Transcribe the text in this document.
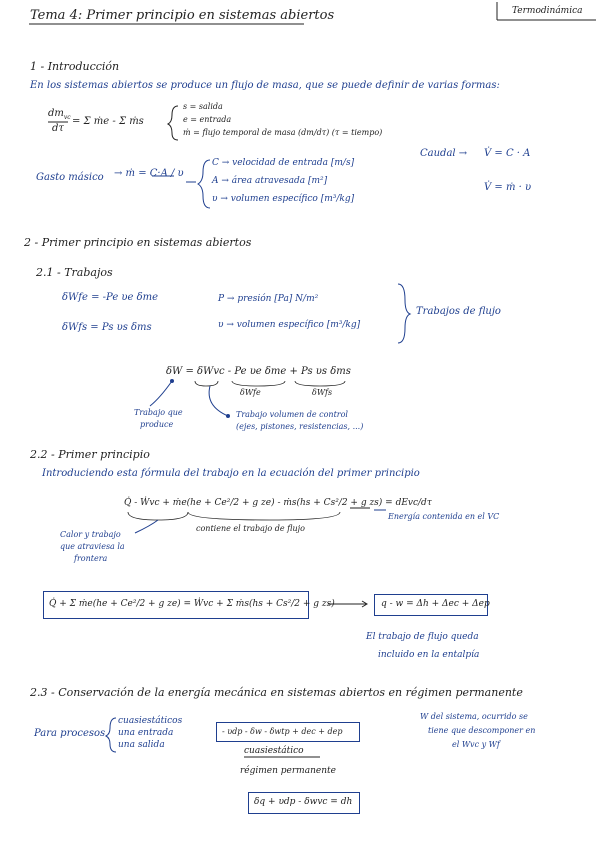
Tema 4: Primer principio en sistemas abiertos	Termodinámica
1 - Introducción
En los sistemas abiertos se produce un flujo de masa, que se puede definir de varias formas:
$dm_{vc}$
dτ
= Σ ṁe - Σ ṁs
s = salida
e = entrada
ṁ = flujo temporal de masa (dm/dτ) (τ = tiempo)
Gasto másico → ṁ = C·A / υ
C → velocidad de entrada [m/s]
A → área atravesada [m²]
υ → volumen específico [m³/kg]
Caudal → V̇ = C · A
V̇ = ṁ · υ
2 - Primer principio en sistemas abiertos
2.1 - Trabajos
δWfe = -Pe υe δme
δWfs = Ps υs δms
P → presión [Pa] N/m²
υ → volumen específico [m³/kg]
Trabajos de flujo
δW = δWvc - Pe υe δme + Ps υs δms
δWfe	δWfs
Trabajo que
produce
Trabajo volumen de control
(ejes, pistones, resistencias, ...)
2.2 - Primer principio
Introduciendo esta fórmula del trabajo en la ecuación del primer principio
Q̇ - Ẇvc + ṁe(he + Ce²/2 + g ze) - ṁs(hs + Cs²/2 + g zs) = dEvc/dτ
Energía contenida en el VC
Calor y trabajo
que atraviesa la
frontera
contiene el trabajo de flujo
Q̇ + Σ ṁe(he + Ce²/2 + g ze) = Ẇvc + Σ ṁs(hs + Cs²/2 + g zs)	q - w = Δh + Δec + Δep
El trabajo de flujo queda
incluido en la entalpía
2.3 - Conservación de la energía mecánica en sistemas abiertos en régimen permanente
Para procesos
cuasiestáticos
una entrada
una salida
- υdp - δw - δwtp + dec + dep
cuasiestático
régimen permanente
δq + υdp - δwvc = dh
W del sistema, ocurrido se
tiene que descomponer en
el Wvc y Wf
